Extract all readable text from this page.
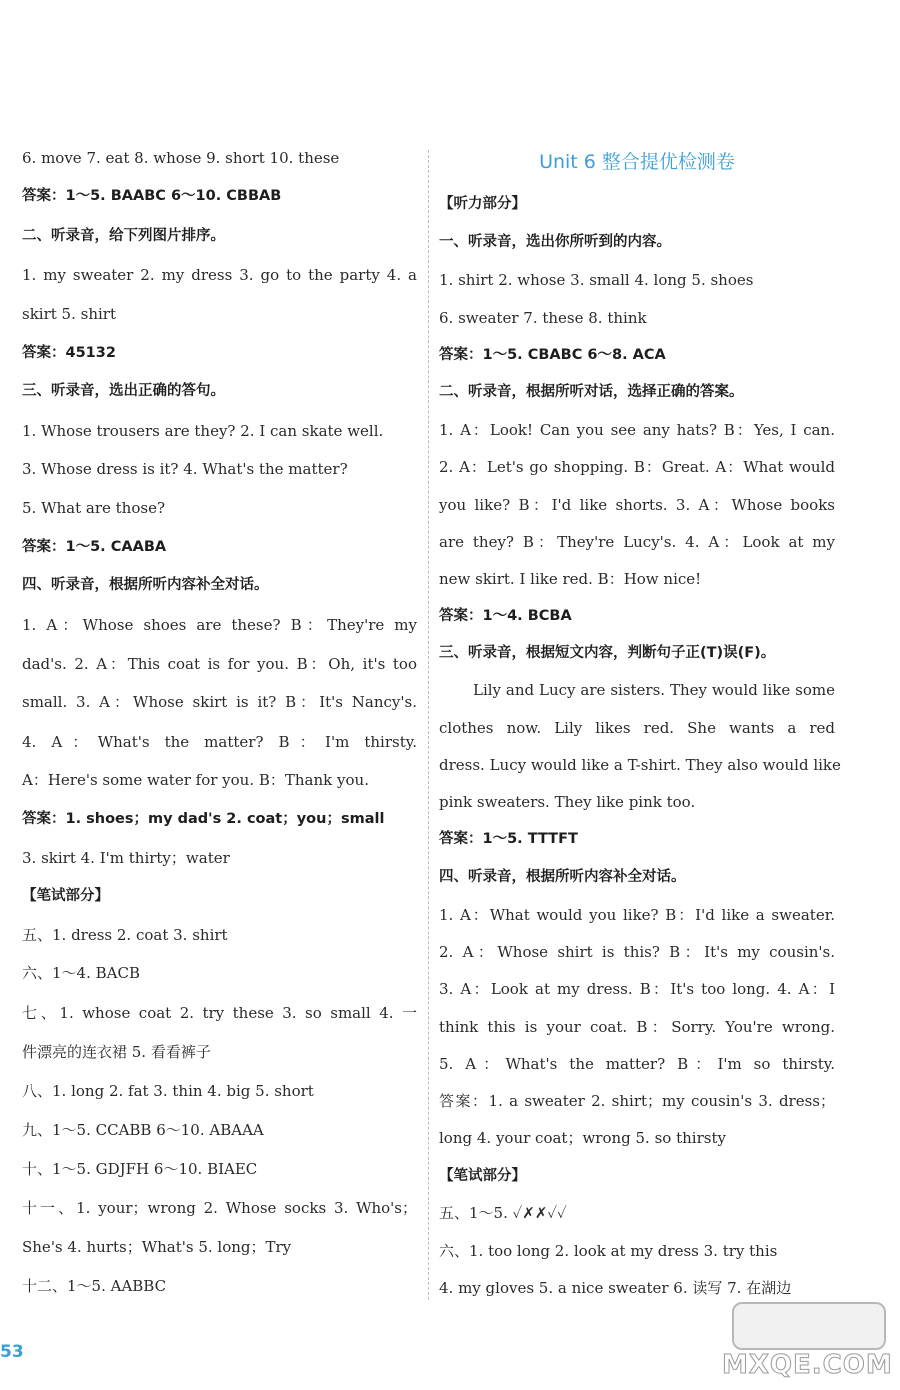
6. move 7. eat 8. whose 9. short 10. these
答案：1～5. BAABC 6～10. CBBAB
二、听录音，给下列图片排序。
1. my sweater 2. my dress 3. go to the party 4. a
skirt 5. shirt
答案：45132
三、听录音，选出正确的答句。
1. Whose trousers are they? 2. I can skate well.
3. Whose dress is it? 4. What's the matter?
5. What are those?
答案：1～5. CAABA
四、听录音，根据所听内容补全对话。
1. A：Whose shoes are these? B：They're my
dad's. 2. A：This coat is for you. B：Oh, it's too
small. 3. A：Whose skirt is it? B：It's Nancy's.
4. A：What's the matter? B：I'm thirsty.
A：Here's some water for you. B：Thank you.
答案：1. shoes；my dad's 2. coat；you；small
3. skirt 4. I'm thirty；water
【笔试部分】
五、1. dress 2. coat 3. shirt
六、1～4. BACB
七、1. whose coat 2. try these 3. so small 4. 一
件漂亮的连衣裙 5. 看看裤子
八、1. long 2. fat 3. thin 4. big 5. short
九、1～5. CCABB 6～10. ABAAA
十、1～5. GDJFH 6～10. BIAEC
十一、1. your；wrong 2. Whose socks 3. Who's；
She's 4. hurts；What's 5. long；Try
十二、1～5. AABBC
Unit 6 整合提优检测卷
【听力部分】
一、听录音，选出你所听到的内容。
1. shirt 2. whose 3. small 4. long 5. shoes
6. sweater 7. these 8. think
答案：1～5. CBABC 6～8. ACA
二、听录音，根据所听对话，选择正确的答案。
1. A：Look! Can you see any hats? B：Yes, I can.
2. A：Let's go shopping. B：Great. A：What would
you like? B：I'd like shorts. 3. A：Whose books
are they? B：They're Lucy's. 4. A：Look at my
new skirt. I like red. B：How nice!
答案：1～4. BCBA
三、听录音，根据短文内容，判断句子正(T)误(F)。
Lily and Lucy are sisters. They would like some
clothes now. Lily likes red. She wants a red
dress. Lucy would like a T-shirt. They also would like
pink sweaters. They like pink too.
答案：1～5. TTTFT
四、听录音，根据所听内容补全对话。
1. A：What would you like? B：I'd like a sweater.
2. A：Whose shirt is this? B：It's my cousin's.
3. A：Look at my dress. B：It's too long. 4. A：I
think this is your coat. B：Sorry. You're wrong.
5. A：What's the matter? B：I'm so thirsty.
答案：1. a sweater 2. shirt；my cousin's 3. dress；
long 4. your coat；wrong 5. so thirsty
【笔试部分】
五、1～5. ✓✗✗✓✓
六、1. too long 2. look at my dress 3. try this
4. my gloves 5. a nice sweater 6. 读写 7. 在湖边
53	MXQE.COM
